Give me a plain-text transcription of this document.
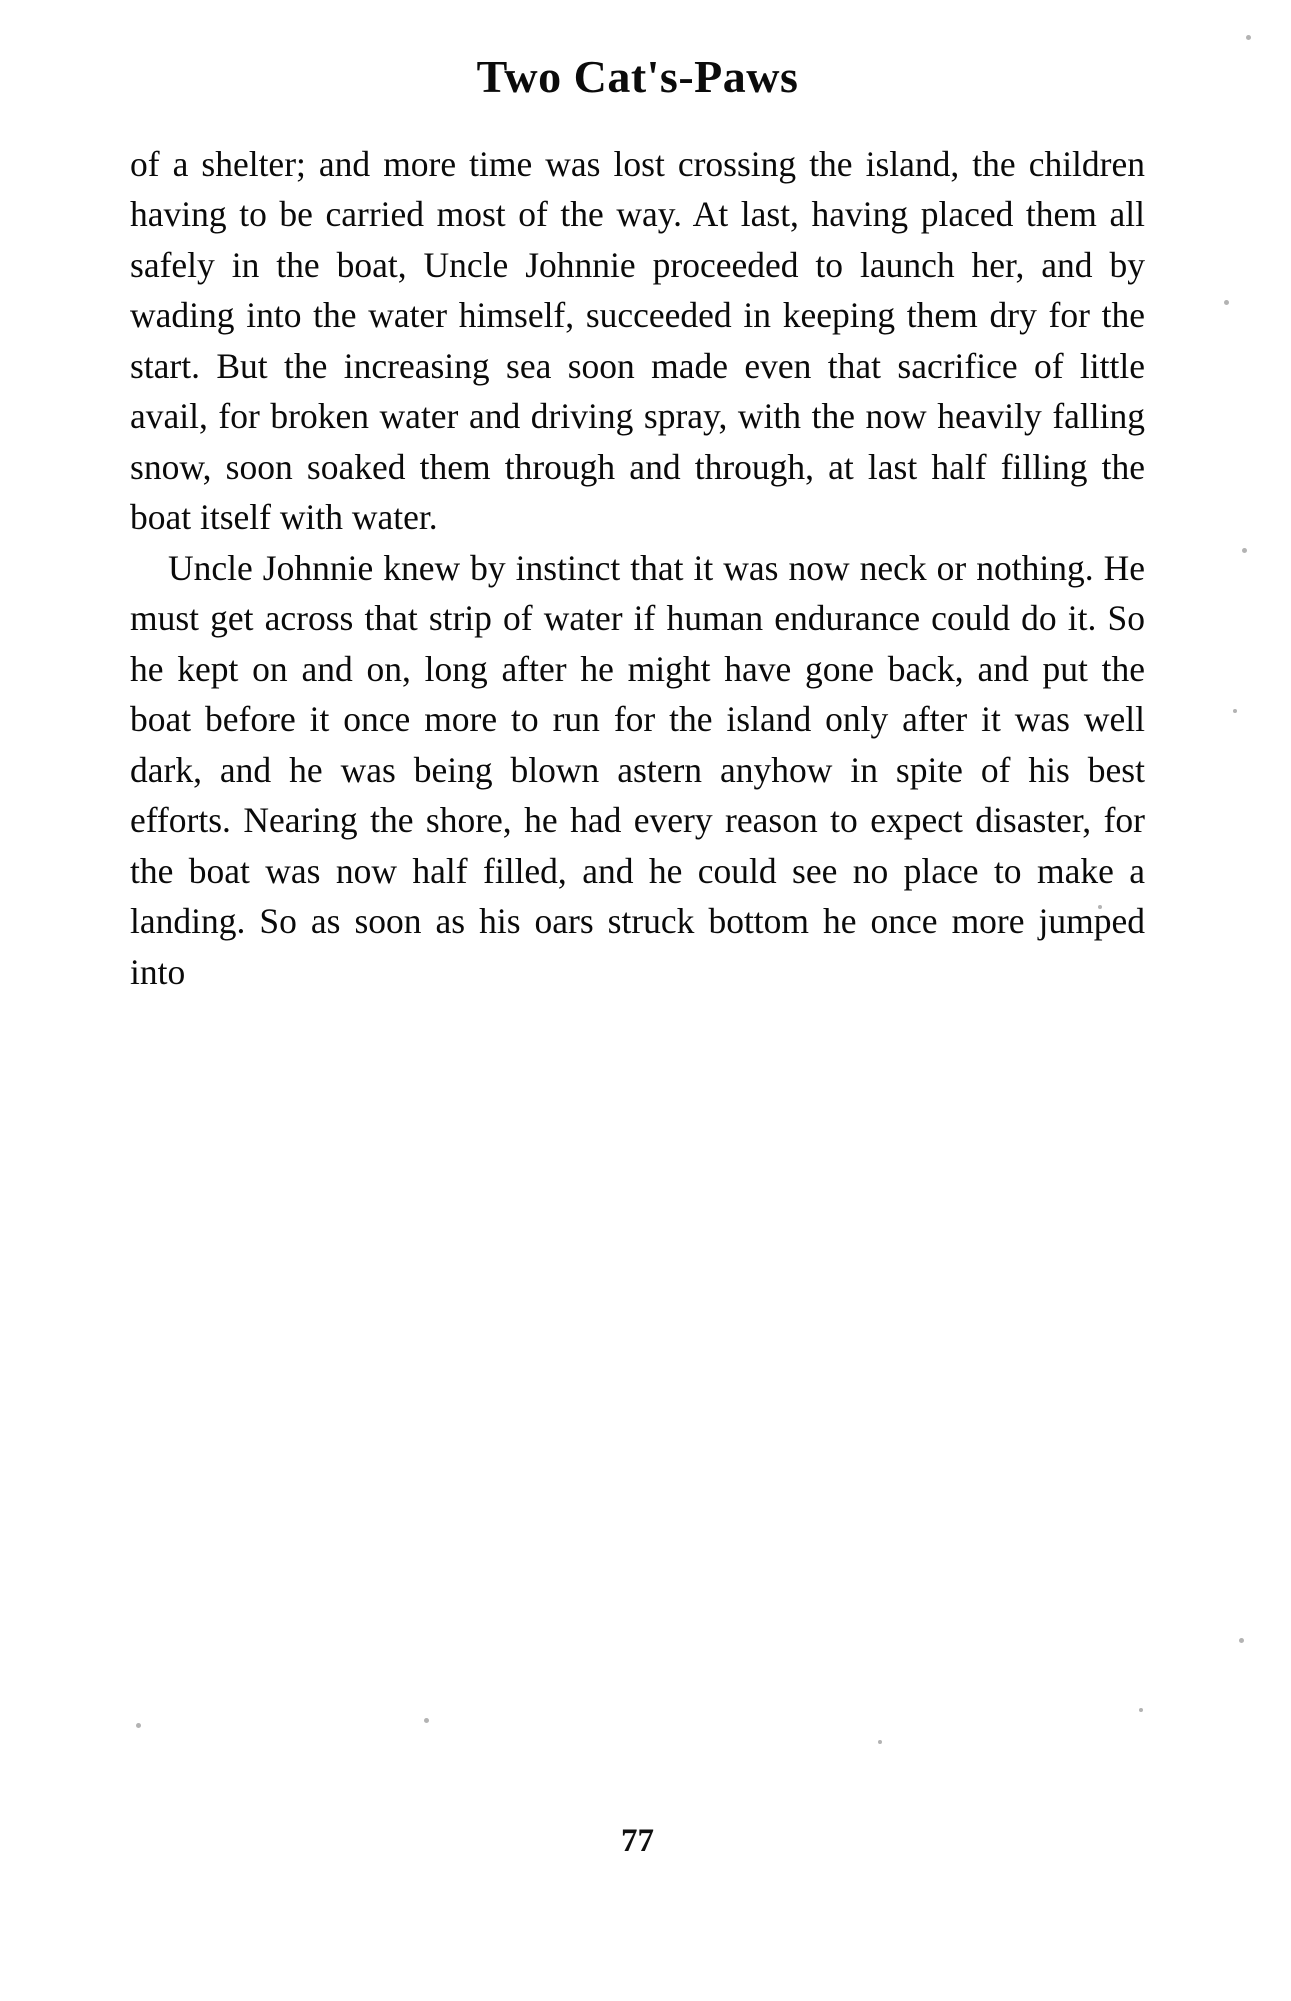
Two Cat's-Paws

of a shelter; and more time was lost crossing the island, the children having to be carried most of the way. At last, having placed them all safely in the boat, Uncle Johnnie proceeded to launch her, and by wading into the water himself, succeeded in keeping them dry for the start. But the increasing sea soon made even that sacrifice of little avail, for broken water and driving spray, with the now heavily falling snow, soon soaked them through and through, at last half filling the boat itself with water.

Uncle Johnnie knew by instinct that it was now neck or nothing. He must get across that strip of water if human endurance could do it. So he kept on and on, long after he might have gone back, and put the boat before it once more to run for the island only after it was well dark, and he was being blown astern anyhow in spite of his best efforts. Nearing the shore, he had every reason to expect disaster, for the boat was now half filled, and he could see no place to make a landing. So as soon as his oars struck bottom he once more jumped into

77
